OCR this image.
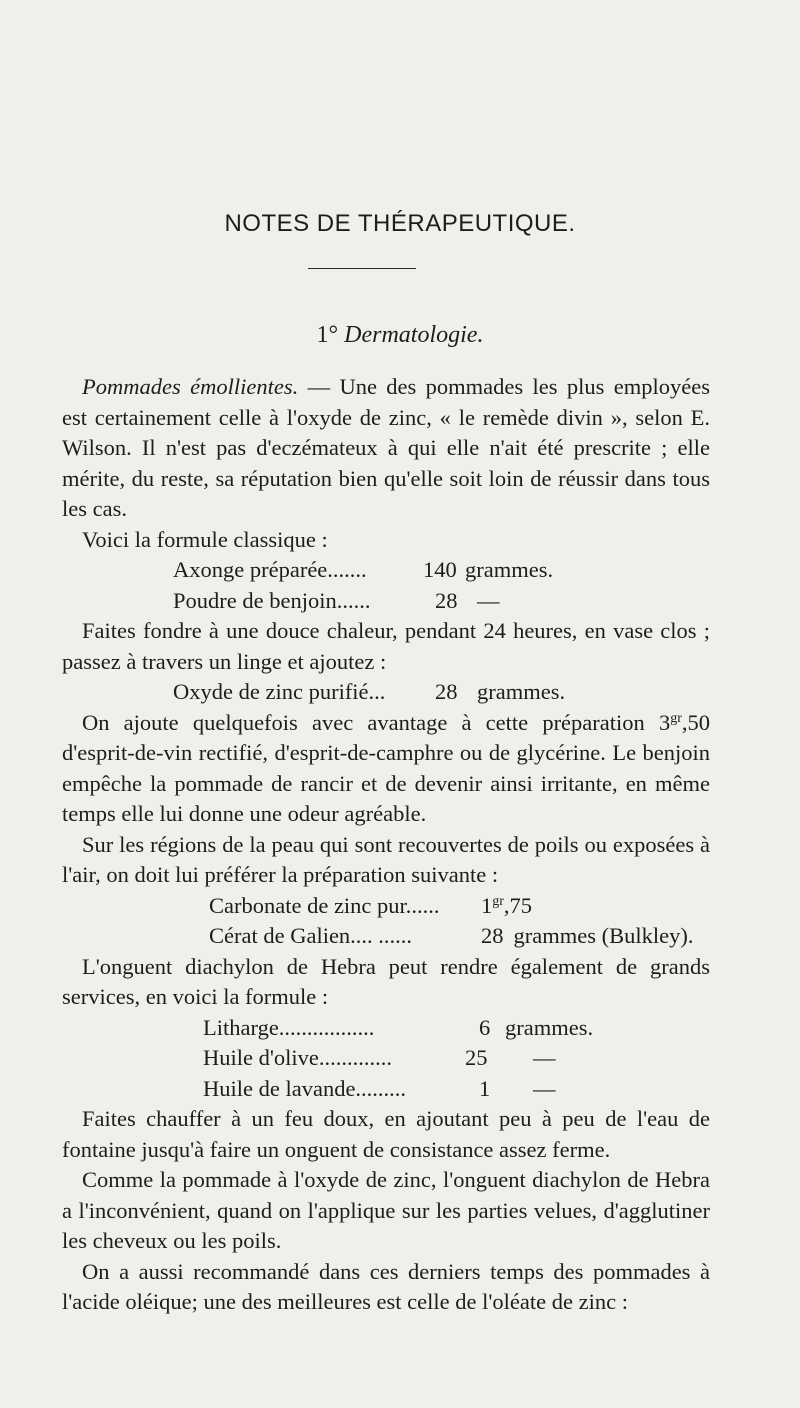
NOTES DE THÉRAPEUTIQUE.
1° Dermatologie.

Pommades émollientes. — Une des pommades les plus employées est certainement celle à l'oxyde de zinc, « le remède divin », selon E. Wilson. Il n'est pas d'eczémateux à qui elle n'ait été prescrite ; elle mérite, du reste, sa réputation bien qu'elle soit loin de réussir dans tous les cas.

Voici la formule classique :

Axonge préparée.......	140 grammes.
Poudre de benjoin......	28 —

Faites fondre à une douce chaleur, pendant 24 heures, en vase clos ; passez à travers un linge et ajoutez :

Oxyde de zinc purifié...	28 grammes.

On ajoute quelquefois avec avantage à cette préparation $3^{gr},50$ d'esprit-de-vin rectifié, d'esprit-de-camphre ou de glycérine. Le benjoin empêche la pommade de rancir et de devenir ainsi irritante, en même temps elle lui donne une odeur agréable.

Sur les régions de la peau qui sont recouvertes de poils ou exposées à l'air, on doit lui préférer la préparation suivante :

Carbonate de zinc pur......	$1^{gr},75$
Cérat de Galien.... ......	28 grammes (Bulkley).

L'onguent diachylon de Hebra peut rendre également de grands services, en voici la formule :

Litharge.................	6 grammes.
Huile d'olive.............	25	—
Huile de lavande.........	1	—

Faites chauffer à un feu doux, en ajoutant peu à peu de l'eau de fontaine jusqu'à faire un onguent de consistance assez ferme.

Comme la pommade à l'oxyde de zinc, l'onguent diachylon de Hebra a l'inconvénient, quand on l'applique sur les parties velues, d'agglutiner les cheveux ou les poils.

On a aussi recommandé dans ces derniers temps des pommades à l'acide oléique; une des meilleures est celle de l'oléate de zinc :
